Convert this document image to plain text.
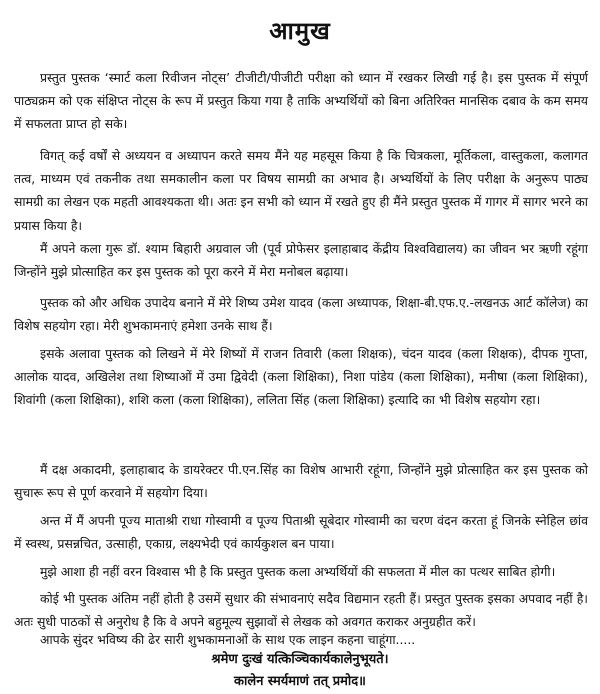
आमुख

प्रस्तुत पुस्तक ‘स्मार्ट कला रिवीजन नोट्स’ टीजीटी/पीजीटी परीक्षा को ध्यान में रखकर लिखी गई है। इस पुस्तक में संपूर्ण पाठ्यक्रम को एक संक्षिप्त नोट्स के रूप में प्रस्तुत किया गया है ताकि अभ्यर्थियों को बिना अतिरिक्त मानसिक दबाव के कम समय में सफलता प्राप्त हो सके।

विगत् कई वर्षों से अध्ययन व अध्यापन करते समय मैंने यह महसूस किया है कि चित्रकला, मूर्तिकला, वास्तुकला, कलागत तत्व, माध्यम एवं तकनीक तथा समकालीन कला पर विषय सामग्री का अभाव है। अभ्यर्थियों के लिए परीक्षा के अनुरूप पाठ्य सामग्री का लेखन एक महती आवश्यकता थी। अतः इन सभी को ध्यान में रखते हुए ही मैंने प्रस्तुत पुस्तक में गागर में सागर भरने का प्रयास किया है।

मैं अपने कला गुरू डॉ. श्याम बिहारी अग्रवाल जी (पूर्व प्रोफेसर इलाहाबाद केंद्रीय विश्वविद्यालय) का जीवन भर ऋणी रहूंगा जिन्होंने मुझे प्रोत्साहित कर इस पुस्तक को पूरा करने में मेरा मनोबल बढ़ाया।

पुस्तक को और अधिक उपादेय बनाने में मेरे शिष्य उमेश यादव (कला अध्यापक, शिक्षा-बी.एफ.ए.-लखनऊ आर्ट कॉलेज) का विशेष सहयोग रहा। मेरी शुभकामनाएं हमेशा उनके साथ हैं।

इसके अलावा पुस्तक को लिखने में मेरे शिष्यों में राजन तिवारी (कला शिक्षक), चंदन यादव (कला शिक्षक), दीपक गुप्ता, आलोक यादव, अखिलेश तथा शिष्याओं में उमा द्विवेदी (कला शिक्षिका), निशा पांडेय (कला शिक्षिका), मनीषा (कला शिक्षिका), शिवांगी (कला शिक्षिका), शशि कला (कला शिक्षिका), ललिता सिंह (कला शिक्षिका) इत्यादि का भी विशेष सहयोग रहा।

मैं दक्ष अकादमी, इलाहाबाद के डायरेक्टर पी.एन.सिंह का विशेष आभारी रहूंगा, जिन्होंने मुझे प्रोत्साहित कर इस पुस्तक को सुचारू रूप से पूर्ण करवाने में सहयोग दिया।

अन्त में मैं अपनी पूज्य माताश्री राधा गोस्वामी व पूज्य पिताश्री सूबेदार गोस्वामी का चरण वंदन करता हूं जिनके स्नेहिल छांव में स्वस्थ, प्रसन्नचित, उत्साही, एकाग्र, लक्ष्यभेदी एवं कार्यकुशल बन पाया।

मुझे आशा ही नहीं वरन विश्वास भी है कि प्रस्तुत पुस्तक कला अभ्यर्थियों की सफलता में मील का पत्थर साबित होगी।

कोई भी पुस्तक अंतिम नहीं होती है उसमें सुधार की संभावनाएं सदैव विद्यमान रहती हैं। प्रस्तुत पुस्तक इसका अपवाद नहीं है। अतः सुधी पाठकों से अनुरोध है कि वे अपने बहुमूल्य सुझावों से लेखक को अवगत कराकर अनुग्रहीत करें।

आपके सुंदर भविष्य की ढेर सारी शुभकामनाओं के साथ एक लाइन कहना चाहूंगा.....

श्रमेण दुःखं यत्किञ्चिकार्यकालेनुभूयते।
कालेन स्मर्यमाणं तत् प्रमोद॥
